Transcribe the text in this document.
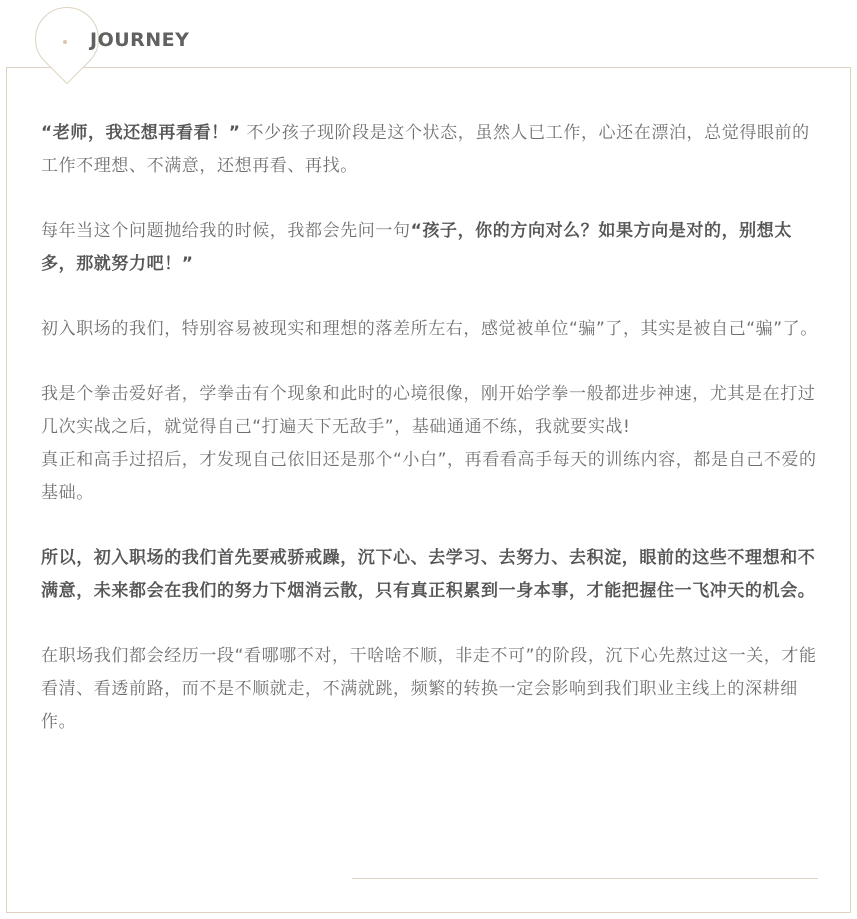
JOURNEY

“老师，我还想再看看！” 不少孩子现阶段是这个状态，虽然人已工作，心还在漂泊，总觉得眼前的工作不理想、不满意，还想再看、再找。

每年当这个问题抛给我的时候，我都会先问一句“孩子，你的方向对么？如果方向是对的，别想太多，那就努力吧！”

初入职场的我们，特别容易被现实和理想的落差所左右，感觉被单位“骗”了，其实是被自己“骗”了。

我是个拳击爱好者，学拳击有个现象和此时的心境很像，刚开始学拳一般都进步神速，尤其是在打过几次实战之后，就觉得自己“打遍天下无敌手”，基础通通不练，我就要实战!

真正和高手过招后，才发现自己依旧还是那个“小白”，再看看高手每天的训练内容，都是自己不爱的基础。

所以，初入职场的我们首先要戒骄戒躁，沉下心、去学习、去努力、去积淀，眼前的这些不理想和不满意，未来都会在我们的努力下烟消云散，只有真正积累到一身本事，才能把握住一飞冲天的机会。

在职场我们都会经历一段“看哪哪不对，干啥啥不顺，非走不可”的阶段，沉下心先熬过这一关，才能看清、看透前路，而不是不顺就走，不满就跳，频繁的转换一定会影响到我们职业主线上的深耕细作。
